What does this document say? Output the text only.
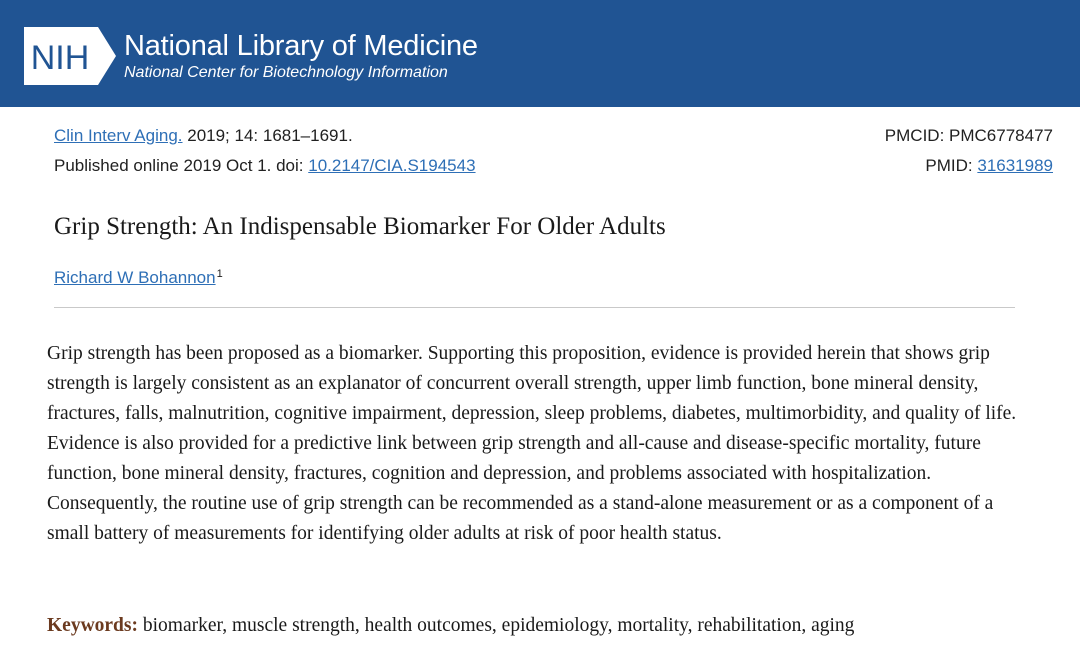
NIH National Library of Medicine
National Center for Biotechnology Information
Clin Interv Aging. 2019; 14: 1681–1691.
Published online 2019 Oct 1. doi: 10.2147/CIA.S194543
PMCID: PMC6778477
PMID: 31631989
Grip Strength: An Indispensable Biomarker For Older Adults
Richard W Bohannon$^1$

Grip strength has been proposed as a biomarker. Supporting this proposition, evidence is provided herein that shows grip strength is largely consistent as an explanator of concurrent overall strength, upper limb function, bone mineral density, fractures, falls, malnutrition, cognitive impairment, depression, sleep problems, diabetes, multimorbidity, and quality of life. Evidence is also provided for a predictive link between grip strength and all-cause and disease-specific mortality, future function, bone mineral density, fractures, cognition and depression, and problems associated with hospitalization. Consequently, the routine use of grip strength can be recommended as a stand-alone measurement or as a component of a small battery of measurements for identifying older adults at risk of poor health status.

Keywords: biomarker, muscle strength, health outcomes, epidemiology, mortality, rehabilitation, aging
